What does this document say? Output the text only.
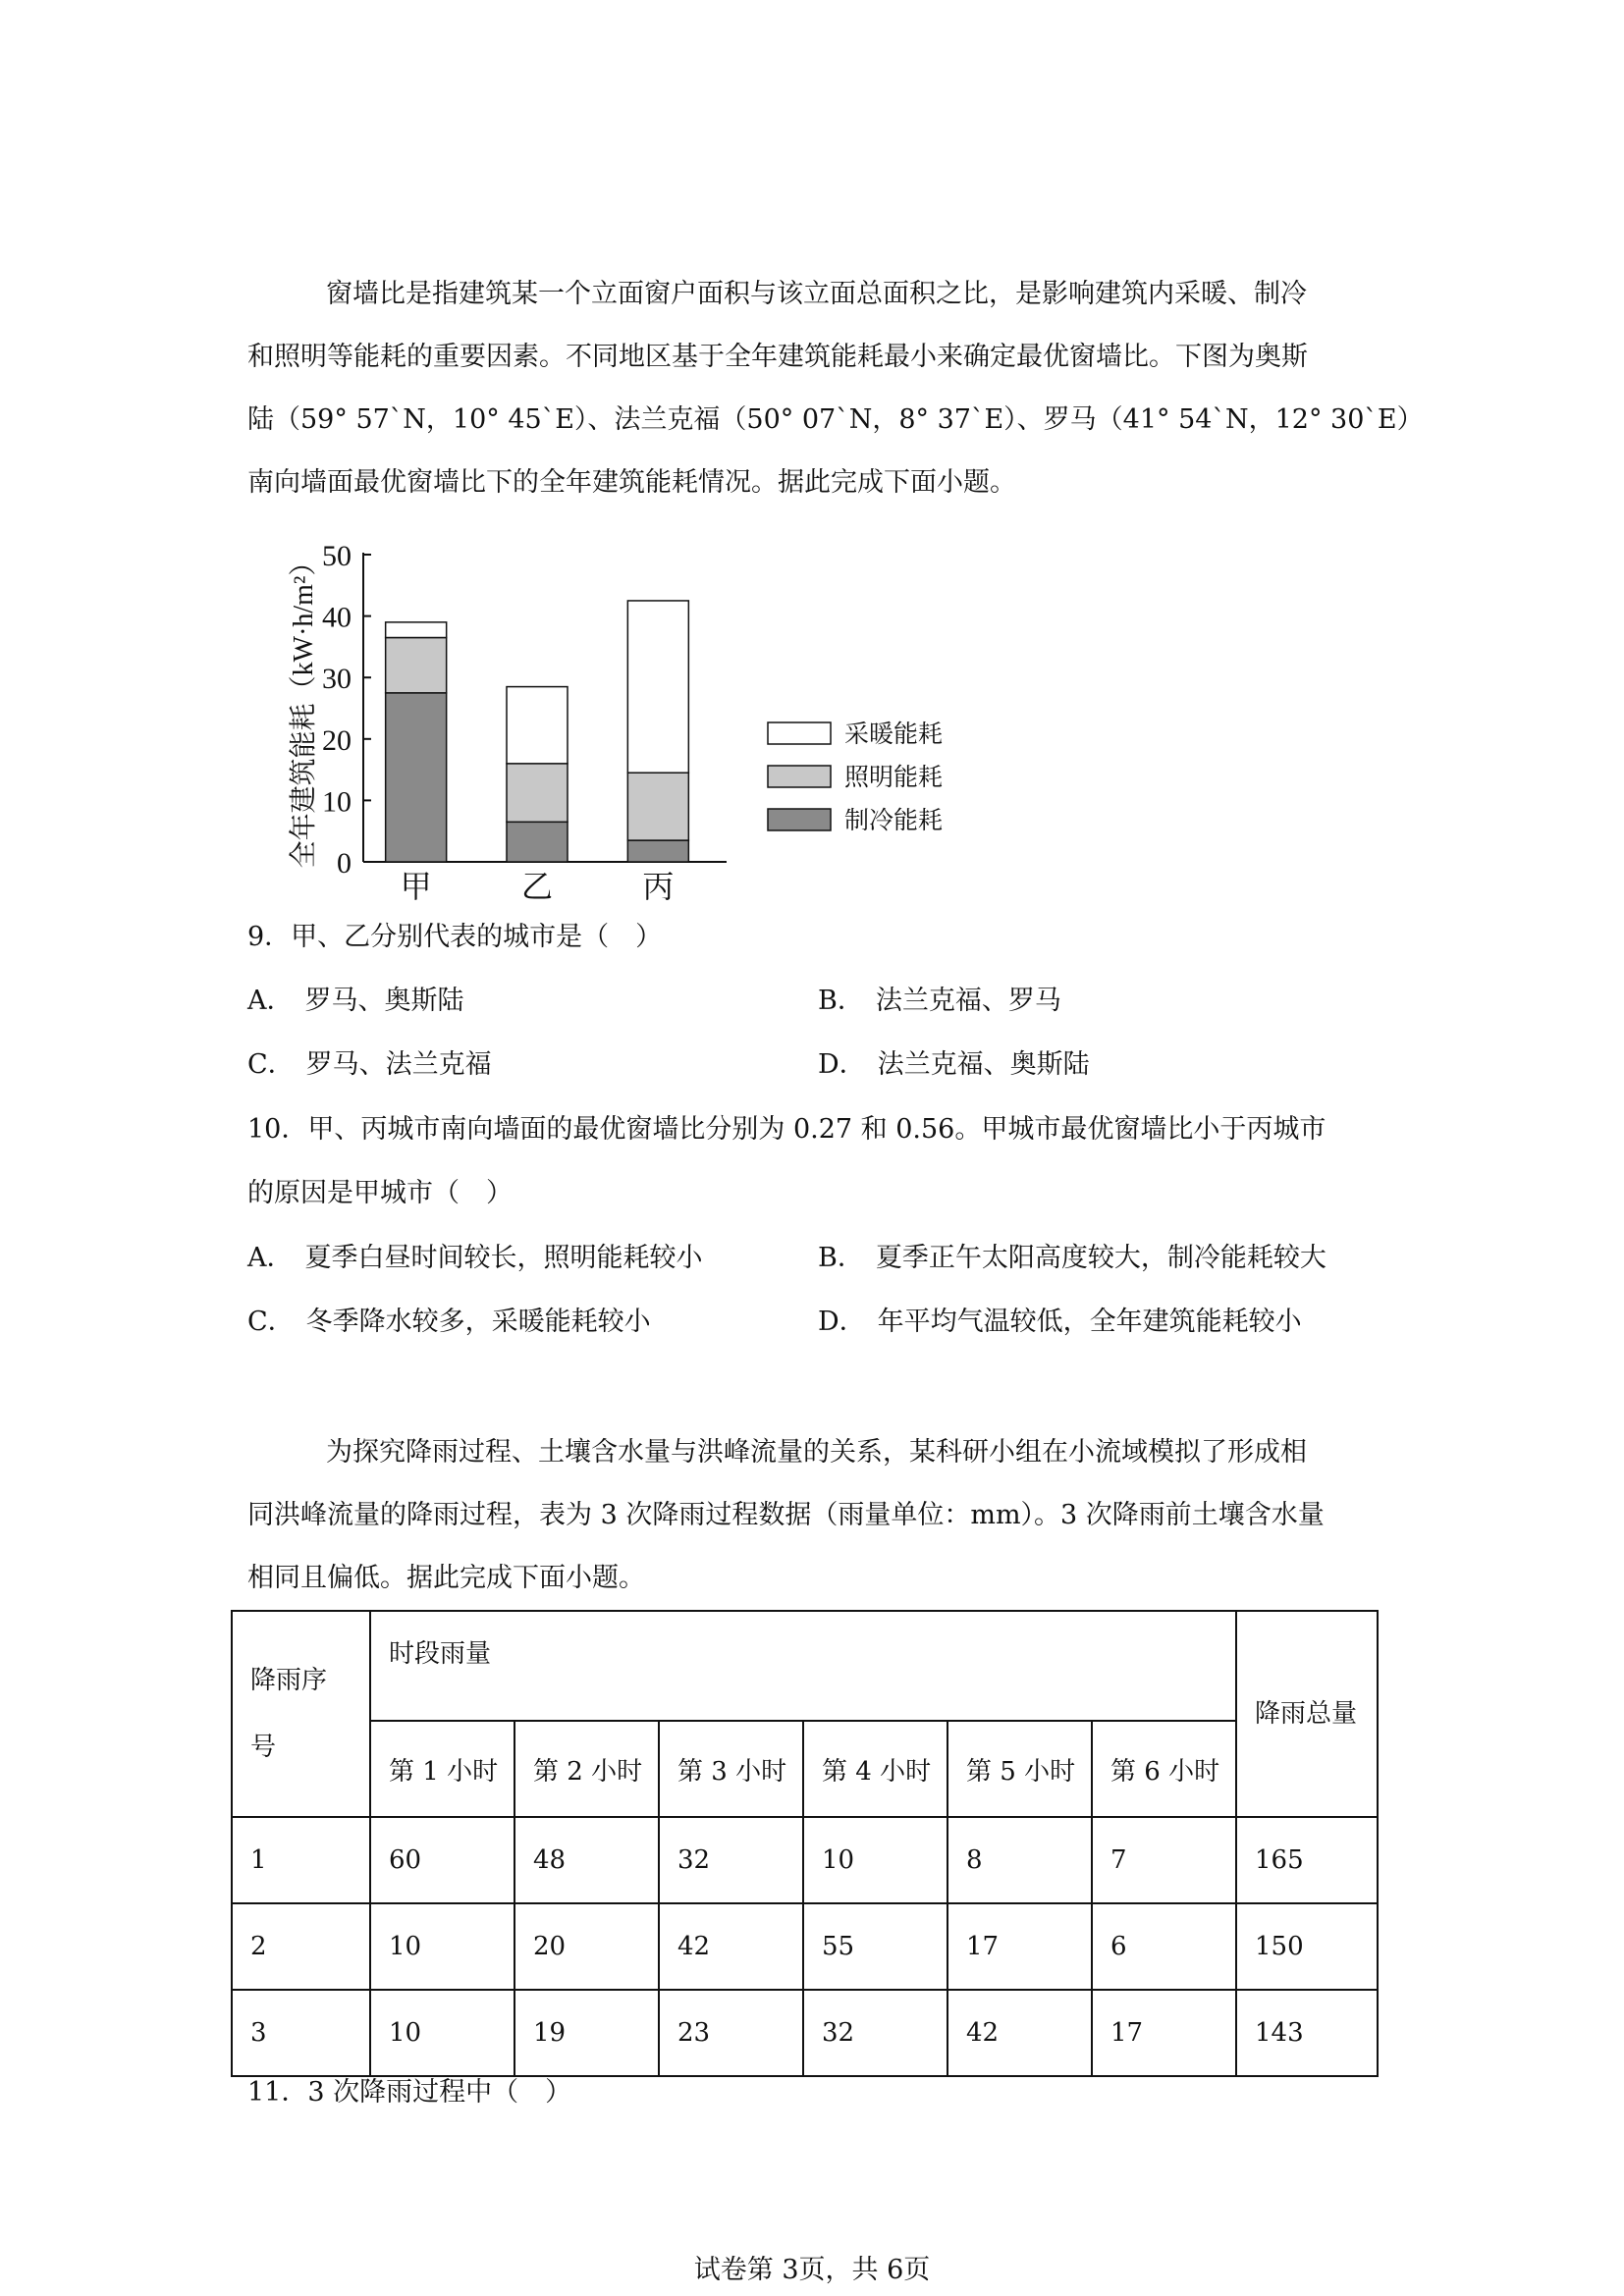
窗墙比是指建筑某一个立面窗户面积与该立面总面积之比，是影响建筑内采暖、制冷
和照明等能耗的重要因素。不同地区基于全年建筑能耗最小来确定最优窗墙比。下图为奥斯
陆（59° 57`N，10° 45`E）、法兰克福（50° 07`N，8° 37`E）、罗马（41° 54`N，12° 30`E）
南向墙面最优窗墙比下的全年建筑能耗情况。据此完成下面小题。
0
10
20
30
40
50
全年建筑能耗（kW·h/m²）
甲	乙	丙
采暖能耗
照明能耗
制冷能耗
9．甲、乙分别代表的城市是（　）
A． 罗马、奥斯陆	B． 法兰克福、罗马
C． 罗马、法兰克福	D． 法兰克福、奥斯陆
10．甲、丙城市南向墙面的最优窗墙比分别为 0.27 和 0.56。甲城市最优窗墙比小于丙城市
的原因是甲城市（　）
A． 夏季白昼时间较长，照明能耗较小	B． 夏季正午太阳高度较大，制冷能耗较大
C． 冬季降水较多，采暖能耗较小	D． 年平均气温较低，全年建筑能耗较小
为探究降雨过程、土壤含水量与洪峰流量的关系，某科研小组在小流域模拟了形成相
同洪峰流量的降雨过程，表为 3 次降雨过程数据（雨量单位：mm）。3 次降雨前土壤含水量
相同且偏低。据此完成下面小题。
降雨序号	时段雨量						降雨总量
	第 1 小时	第 2 小时	第 3 小时	第 4 小时	第 5 小时	第 6 小时	
1	60	48	32	10	8	7	165
2	10	20	42	55	17	6	150
3	10	19	23	32	42	17	143
11．3 次降雨过程中（　）
试卷第 3页，共 6页
